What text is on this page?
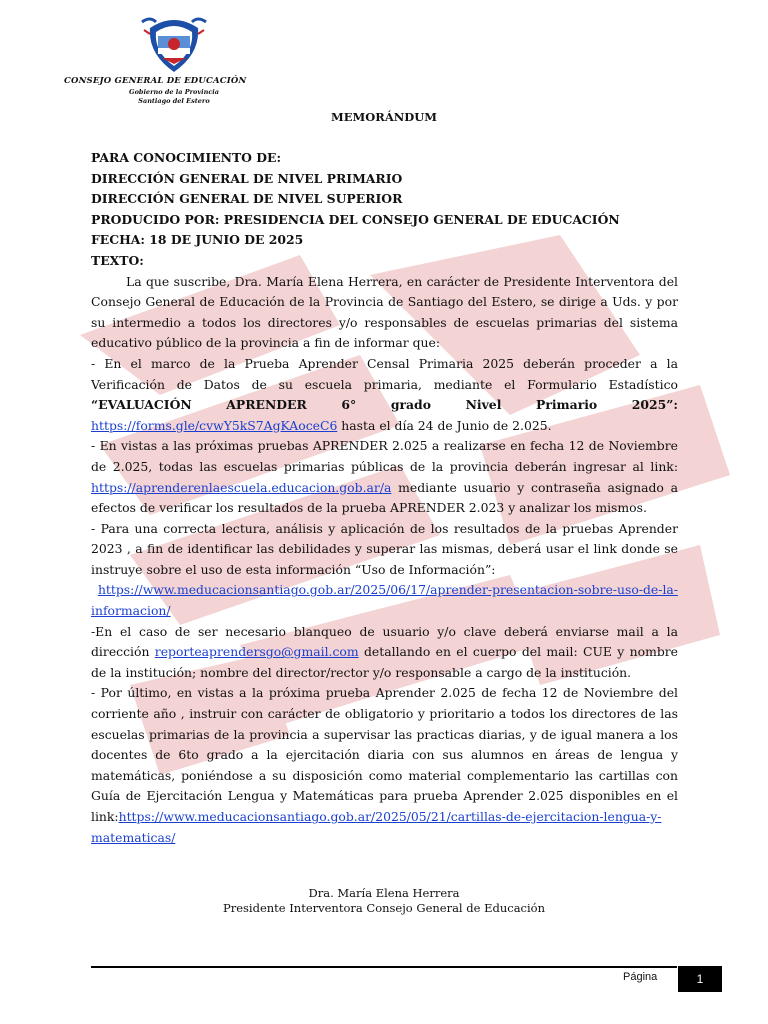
CONSEJO GENERAL DE EDUCACIÓN
Gobierno de la Provincia
Santiago del Estero
MEMORÁNDUM

PARA CONOCIMIENTO DE:

DIRECCIÓN GENERAL DE NIVEL PRIMARIO

DIRECCIÓN GENERAL DE NIVEL SUPERIOR

PRODUCIDO POR: PRESIDENCIA DEL CONSEJO GENERAL DE EDUCACIÓN

FECHA: 18 DE JUNIO DE 2025

TEXTO:

La que suscribe, Dra. María Elena Herrera, en carácter de Presidente Interventora del Consejo General de Educación de la Provincia de Santiago del Estero, se dirige a Uds. y por su intermedio a todos los directores y/o responsables de escuelas primarias del sistema educativo público de la provincia a fin de informar que:

- En el marco de la Prueba Aprender Censal Primaria 2025 deberán proceder a la Verificación de Datos de su escuela primaria, mediante el Formulario Estadístico “EVALUACIÓN APRENDER 6° grado Nivel Primario 2025”: https://forms.gle/cvwY5kS7AgKAoceC6 hasta el día 24 de Junio de 2.025.

- En vistas a las próximas pruebas APRENDER 2.025 a realizarse en fecha 12 de Noviembre de 2.025, todas las escuelas primarias públicas de la provincia deberán ingresar al link: https://aprenderenlaescuela.educacion.gob.ar/a mediante usuario y contraseña asignado a efectos de verificar los resultados de la prueba APRENDER 2.023 y analizar los mismos.

- Para una correcta lectura, análisis y aplicación de los resultados de la pruebas Aprender 2023 , a fin de identificar las debilidades y superar las mismas, deberá usar el link donde se instruye sobre el uso de esta información “Uso de Información”:
https://www.meducacionsantiago.gob.ar/2025/06/17/aprender-presentacion-sobre-uso-de-la-informacion/

-En el caso de ser necesario blanqueo de usuario y/o clave deberá enviarse mail a la dirección reporteaprendersgo@gmail.com detallando en el cuerpo del mail: CUE y nombre de la institución; nombre del director/rector y/o responsable a cargo de la institución.

- Por último, en vistas a la próxima prueba Aprender 2.025 de fecha 12 de Noviembre del corriente año , instruir con carácter de obligatorio y prioritario a todos los directores de las escuelas primarias de la provincia a supervisar las practicas diarias, y de igual manera a los docentes de 6to grado a la ejercitación diaria con sus alumnos en áreas de lengua y matemáticas, poniéndose a su disposición como material complementario las cartillas con Guía de Ejercitación Lengua y Matemáticas para prueba Aprender 2.025 disponibles en el link:https://www.meducacionsantiago.gob.ar/2025/05/21/cartillas-de-ejercitacion-lengua-y-matematicas/

Dra. María Elena Herrera
Presidente Interventora Consejo General de Educación
Página	1
